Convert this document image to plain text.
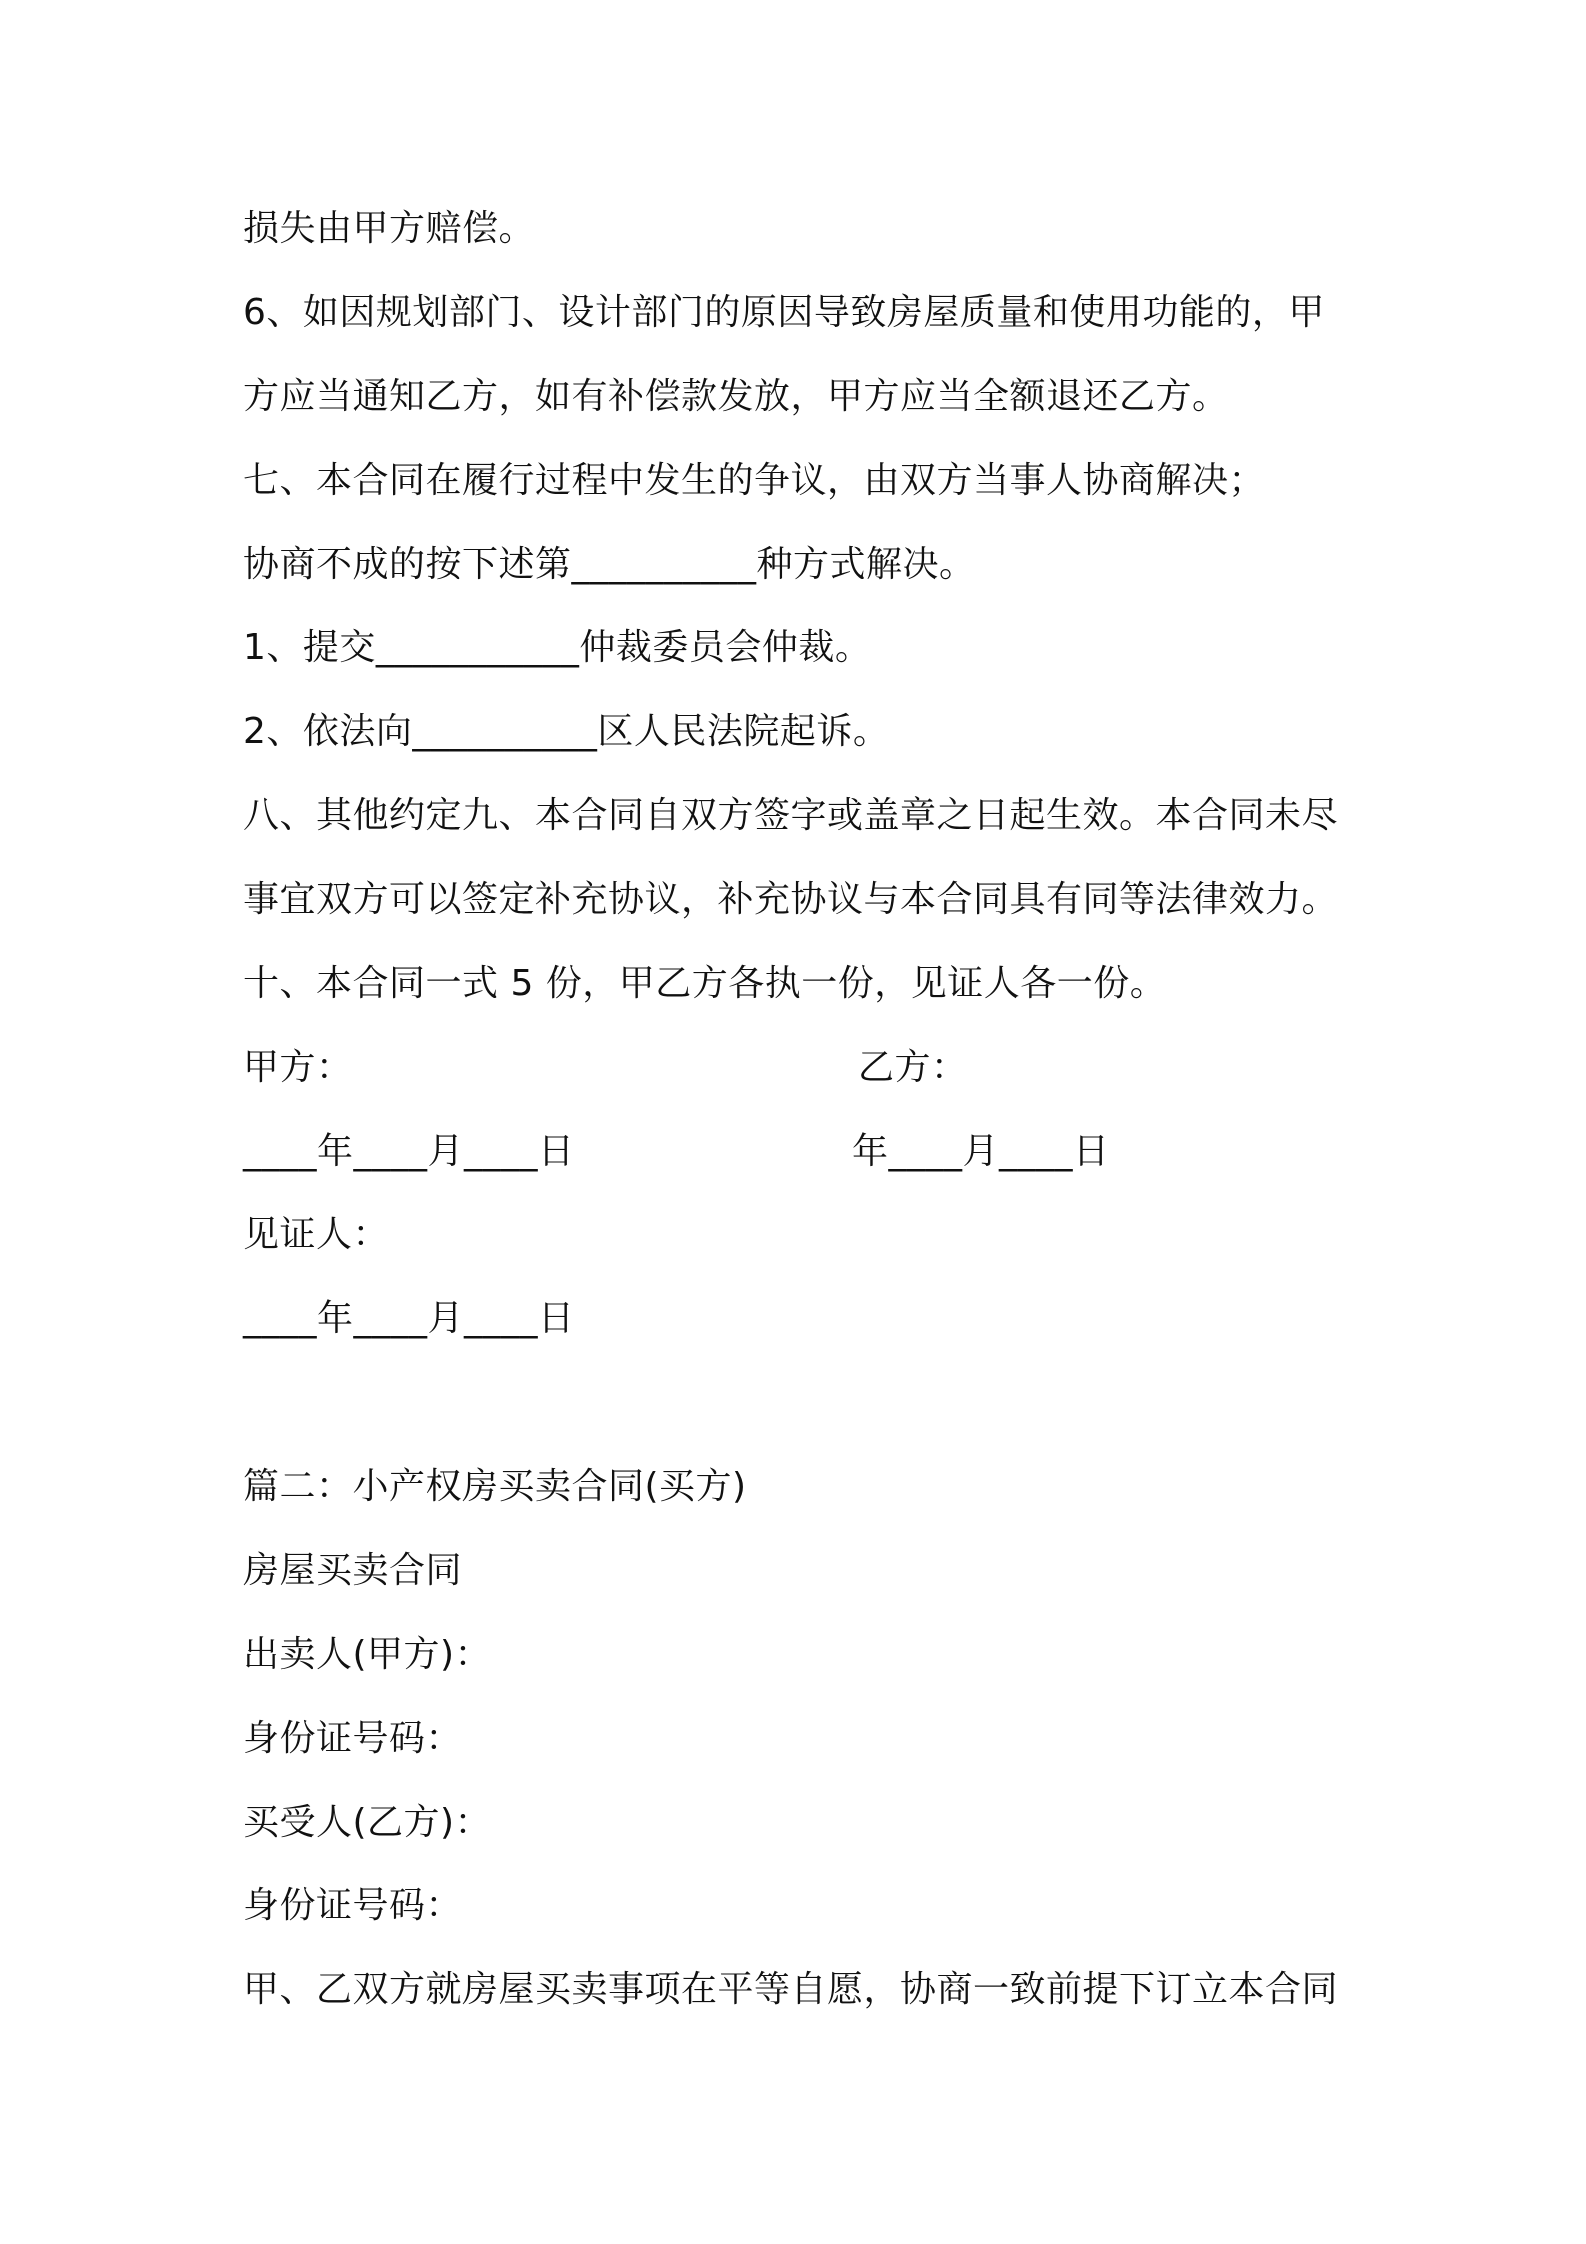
损失由甲方赔偿。
6、如因规划部门、设计部门的原因导致房屋质量和使用功能的，甲
方应当通知乙方，如有补偿款发放，甲方应当全额退还乙方。
七、本合同在履行过程中发生的争议，由双方当事人协商解决；
协商不成的按下述第__________种方式解决。
1、提交___________仲裁委员会仲裁。
2、依法向__________区人民法院起诉。
八、其他约定九、本合同自双方签字或盖章之日起生效。本合同未尽
事宜双方可以签定补充协议，补充协议与本合同具有同等法律效力。
十、本合同一式 5 份，甲乙方各执一份，见证人各一份。
甲方：	乙方：
____年____月____日	年____月____日
见证人：
____年____月____日
篇二：小产权房买卖合同(买方)
房屋买卖合同
出卖人(甲方)：
身份证号码：
买受人(乙方)：
身份证号码：
甲、乙双方就房屋买卖事项在平等自愿，协商一致前提下订立本合同
